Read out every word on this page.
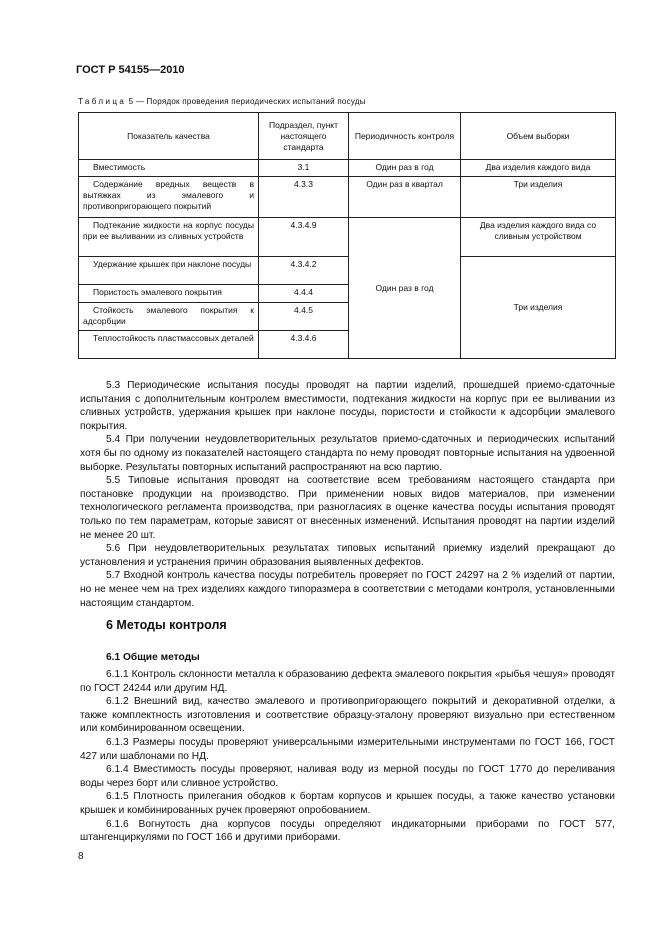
ГОСТ Р 54155—2010
Таблица 5 — Порядок проведения периодических испытаний посуды
Показатель качества	Подраздел, пункт настоящего стандарта	Периодичность контроля	Объем выборки
Вместимость	3.1	Один раз в год	Два изделия каждого вида
Содержание вредных веществ в вытяжках из эмалевого и противопригорающего покрытий	4.3.3	Один раз в квартал	Три изделия
Подтекание жидкости на корпус посуды при ее выливании из сливных устройств	4.3.4.9	Один раз в год	Два изделия каждого вида со сливным устройством
Удержание крышек при наклоне посуды	4.3.4.2		Три изделия
Пористость эмалевого покрытия	4.4.4		
Стойкость эмалевого покрытия к адсорбции	4.4.5		
Теплостойкость пластмассовых деталей	4.3.4.6		

5.3 Периодические испытания посуды проводят на партии изделий, прошедшей приемо-сдаточные испытания с дополнительным контролем вместимости, подтекания жидкости на корпус при ее выливании из сливных устройств, удержания крышек при наклоне посуды, пористости и стойкости к адсорбции эмалевого покрытия.

5.4 При получении неудовлетворительных результатов приемо-сдаточных и периодических испытаний хотя бы по одному из показателей настоящего стандарта по нему проводят повторные испытания на удвоенной выборке. Результаты повторных испытаний распространяют на всю партию.

5.5 Типовые испытания проводят на соответствие всем требованиям настоящего стандарта при постановке продукции на производство. При применении новых видов материалов, при изменении технологического регламента производства, при разногласиях в оценке качества посуды испытания проводят только по тем параметрам, которые зависят от внесенных изменений. Испытания проводят на партии изделий не менее 20 шт.

5.6 При неудовлетворительных результатах типовых испытаний приемку изделий прекращают до установления и устранения причин образования выявленных дефектов.

5.7 Входной контроль качества посуды потребитель проверяет по ГОСТ 24297 на 2 % изделий от партии, но не менее чем на трех изделиях каждого типоразмера в соответствии с методами контроля, установленными настоящим стандартом.

6 Методы контроля
6.1 Общие методы

6.1.1 Контроль склонности металла к образованию дефекта эмалевого покрытия «рыбья чешуя» проводят по ГОСТ 24244 или другим НД.

6.1.2 Внешний вид, качество эмалевого и противопригорающего покрытий и декоративной отделки, а также комплектность изготовления и соответствие образцу-эталону проверяют визуально при естественном или комбинированном освещении.

6.1.3 Размеры посуды проверяют универсальными измерительными инструментами по ГОСТ 166, ГОСТ 427 или шаблонами по НД.

6.1.4 Вместимость посуды проверяют, наливая воду из мерной посуды по ГОСТ 1770 до переливания воды через борт или сливное устройство.

6.1.5 Плотность прилегания ободков к бортам корпусов и крышек посуды, а также качество установки крышек и комбинированных ручек проверяют опробованием.

6.1.6 Вогнутость дна корпусов посуды определяют индикаторными приборами по ГОСТ 577, штангенциркулями по ГОСТ 166 и другими приборами.

8
